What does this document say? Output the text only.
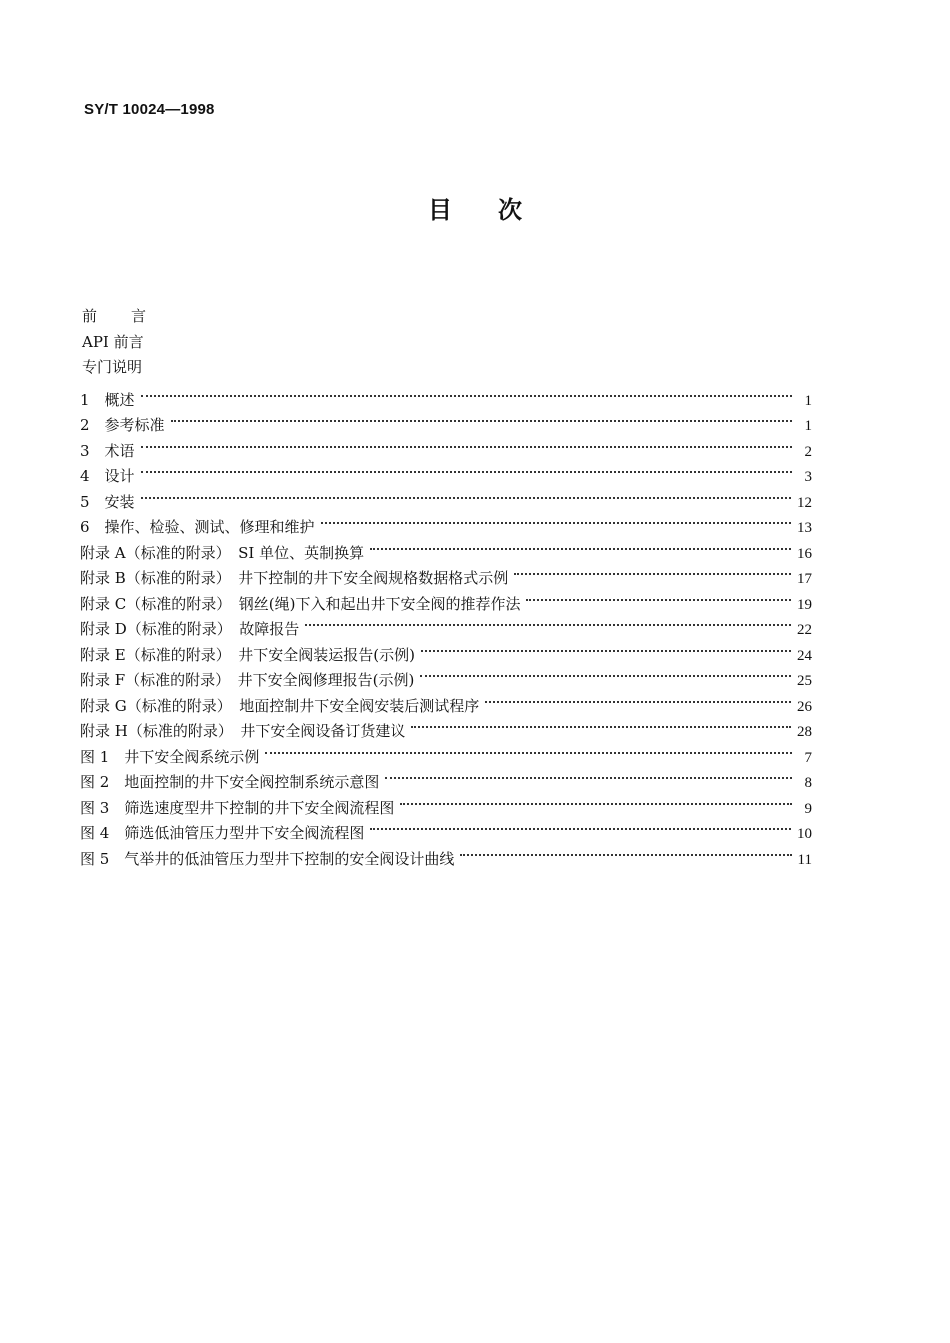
SY/T 10024—1998
目次
前言
API 前言
专门说明
1　概述	1
2　参考标准	1
3　术语	2
4　设计	3
5　安装	12
6　操作、检验、测试、修理和维护	13
附录 A（标准的附录）　SI 单位、英制换算	16
附录 B（标准的附录）　井下控制的井下安全阀规格数据格式示例	17
附录 C（标准的附录）　钢丝(绳)下入和起出井下安全阀的推荐作法	19
附录 D（标准的附录）　故障报告	22
附录 E（标准的附录）　井下安全阀装运报告(示例)	24
附录 F（标准的附录）　井下安全阀修理报告(示例)	25
附录 G（标准的附录）　地面控制井下安全阀安装后测试程序	26
附录 H（标准的附录）　井下安全阀设备订货建议	28
图 1　井下安全阀系统示例	7
图 2　地面控制的井下安全阀控制系统示意图	8
图 3　筛选速度型井下控制的井下安全阀流程图	9
图 4　筛选低油管压力型井下安全阀流程图	10
图 5　气举井的低油管压力型井下控制的安全阀设计曲线	11
